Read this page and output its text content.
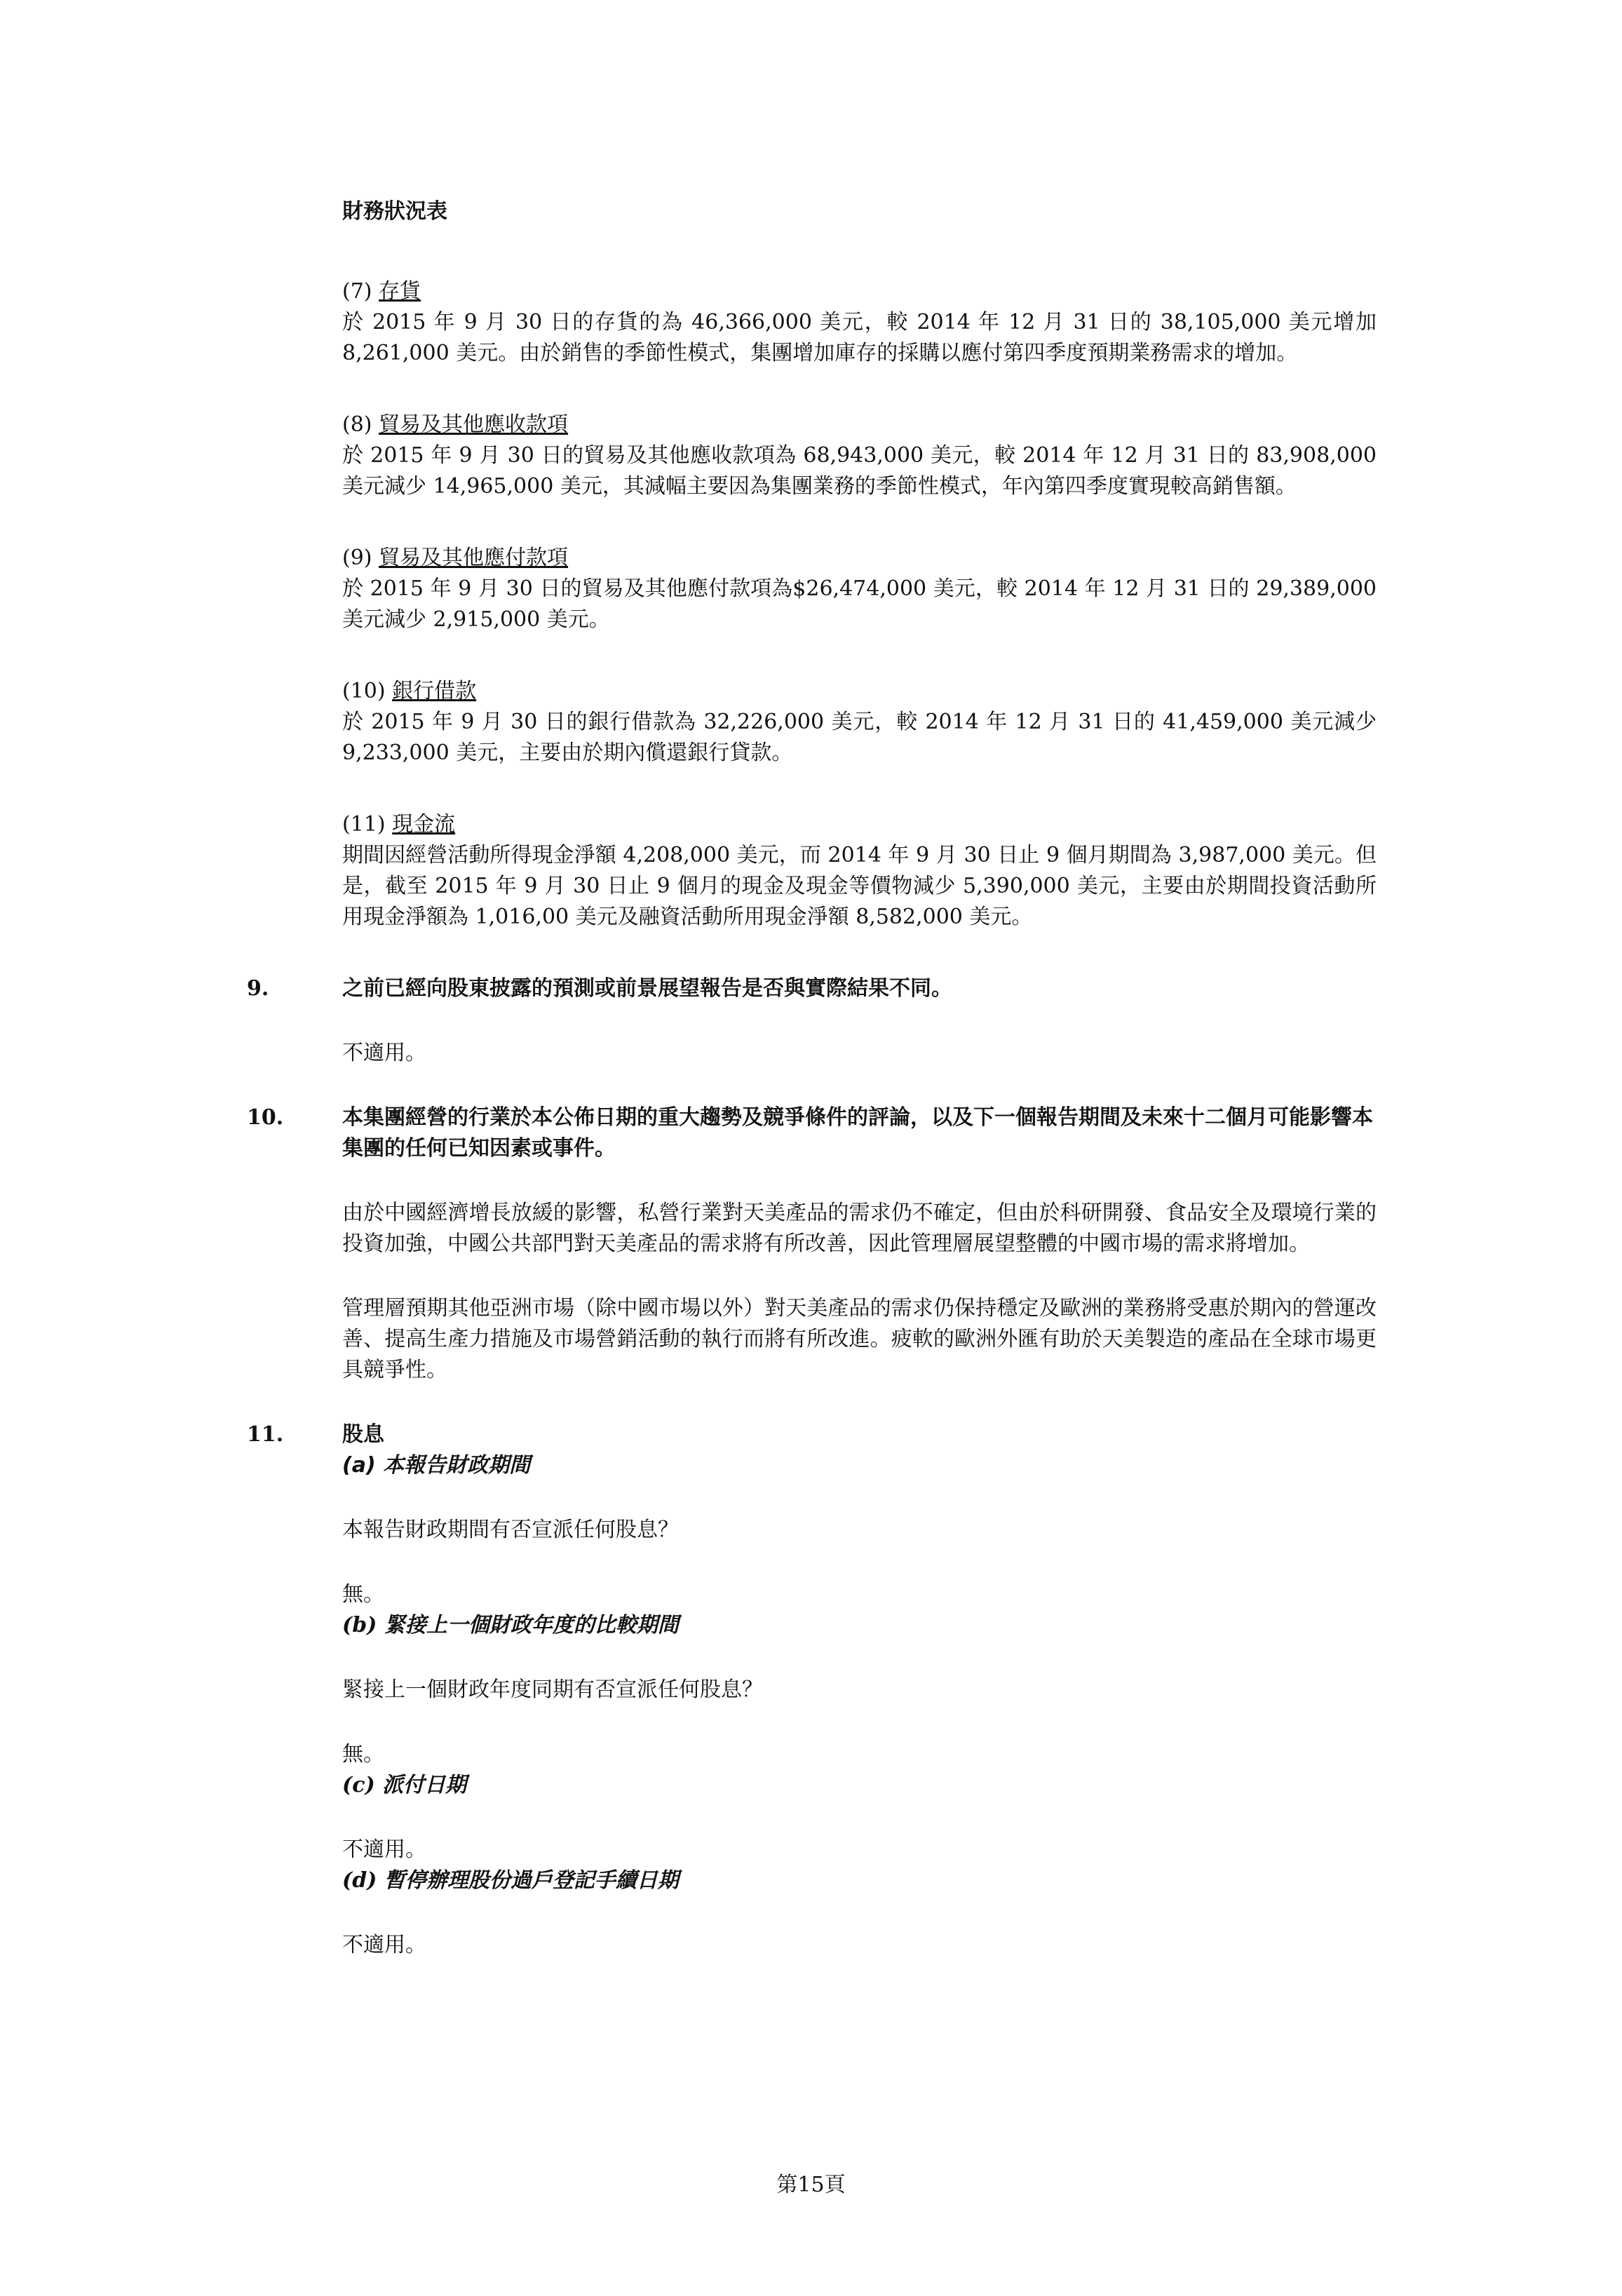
財務狀況表

(7) 存貨

於 2015 年 9 月 30 日的存貨的為 46,366,000 美元，較 2014 年 12 月 31 日的 38,105,000 美元增加 8,261,000 美元。由於銷售的季節性模式，集團增加庫存的採購以應付第四季度預期業務需求的增加。

(8) 貿易及其他應收款項

於 2015 年 9 月 30 日的貿易及其他應收款項為 68,943,000 美元，較 2014 年 12 月 31 日的 83,908,000 美元減少 14,965,000 美元，其減幅主要因為集團業務的季節性模式，年內第四季度實現較高銷售額。

(9) 貿易及其他應付款項

於 2015 年 9 月 30 日的貿易及其他應付款項為$26,474,000 美元，較 2014 年 12 月 31 日的 29,389,000 美元減少 2,915,000 美元。

(10) 銀行借款

於 2015 年 9 月 30 日的銀行借款為 32,226,000 美元，較 2014 年 12 月 31 日的 41,459,000 美元減少 9,233,000 美元，主要由於期內償還銀行貸款。

(11) 現金流

期間因經營活動所得現金淨額 4,208,000 美元，而 2014 年 9 月 30 日止 9 個月期間為 3,987,000 美元。但是，截至 2015 年 9 月 30 日止 9 個月的現金及現金等價物減少 5,390,000 美元，主要由於期間投資活動所用現金淨額為 1,016,00 美元及融資活動所用現金淨額 8,582,000 美元。

9.	之前已經向股東披露的預測或前景展望報告是否與實際結果不同。

不適用。

10.	本集團經營的行業於本公佈日期的重大趨勢及競爭條件的評論，以及下一個報告期間及未來十二個月可能影響本集團的任何已知因素或事件。

由於中國經濟增長放緩的影響，私營行業對天美產品的需求仍不確定，但由於科研開發、食品安全及環境行業的投資加強，中國公共部門對天美產品的需求將有所改善，因此管理層展望整體的中國市場的需求將增加。

管理層預期其他亞洲市場（除中國市場以外）對天美產品的需求仍保持穩定及歐洲的業務將受惠於期內的營運改善、提高生產力措施及市場營銷活動的執行而將有所改進。疲軟的歐洲外匯有助於天美製造的產品在全球市場更具競爭性。

11.	股息

(a) 本報告財政期間

本報告財政期間有否宣派任何股息？

無。

(b) 緊接上一個財政年度的比較期間

緊接上一個財政年度同期有否宣派任何股息？

無。

(c) 派付日期

不適用。

(d) 暫停辦理股份過戶登記手續日期

不適用。

第15頁
